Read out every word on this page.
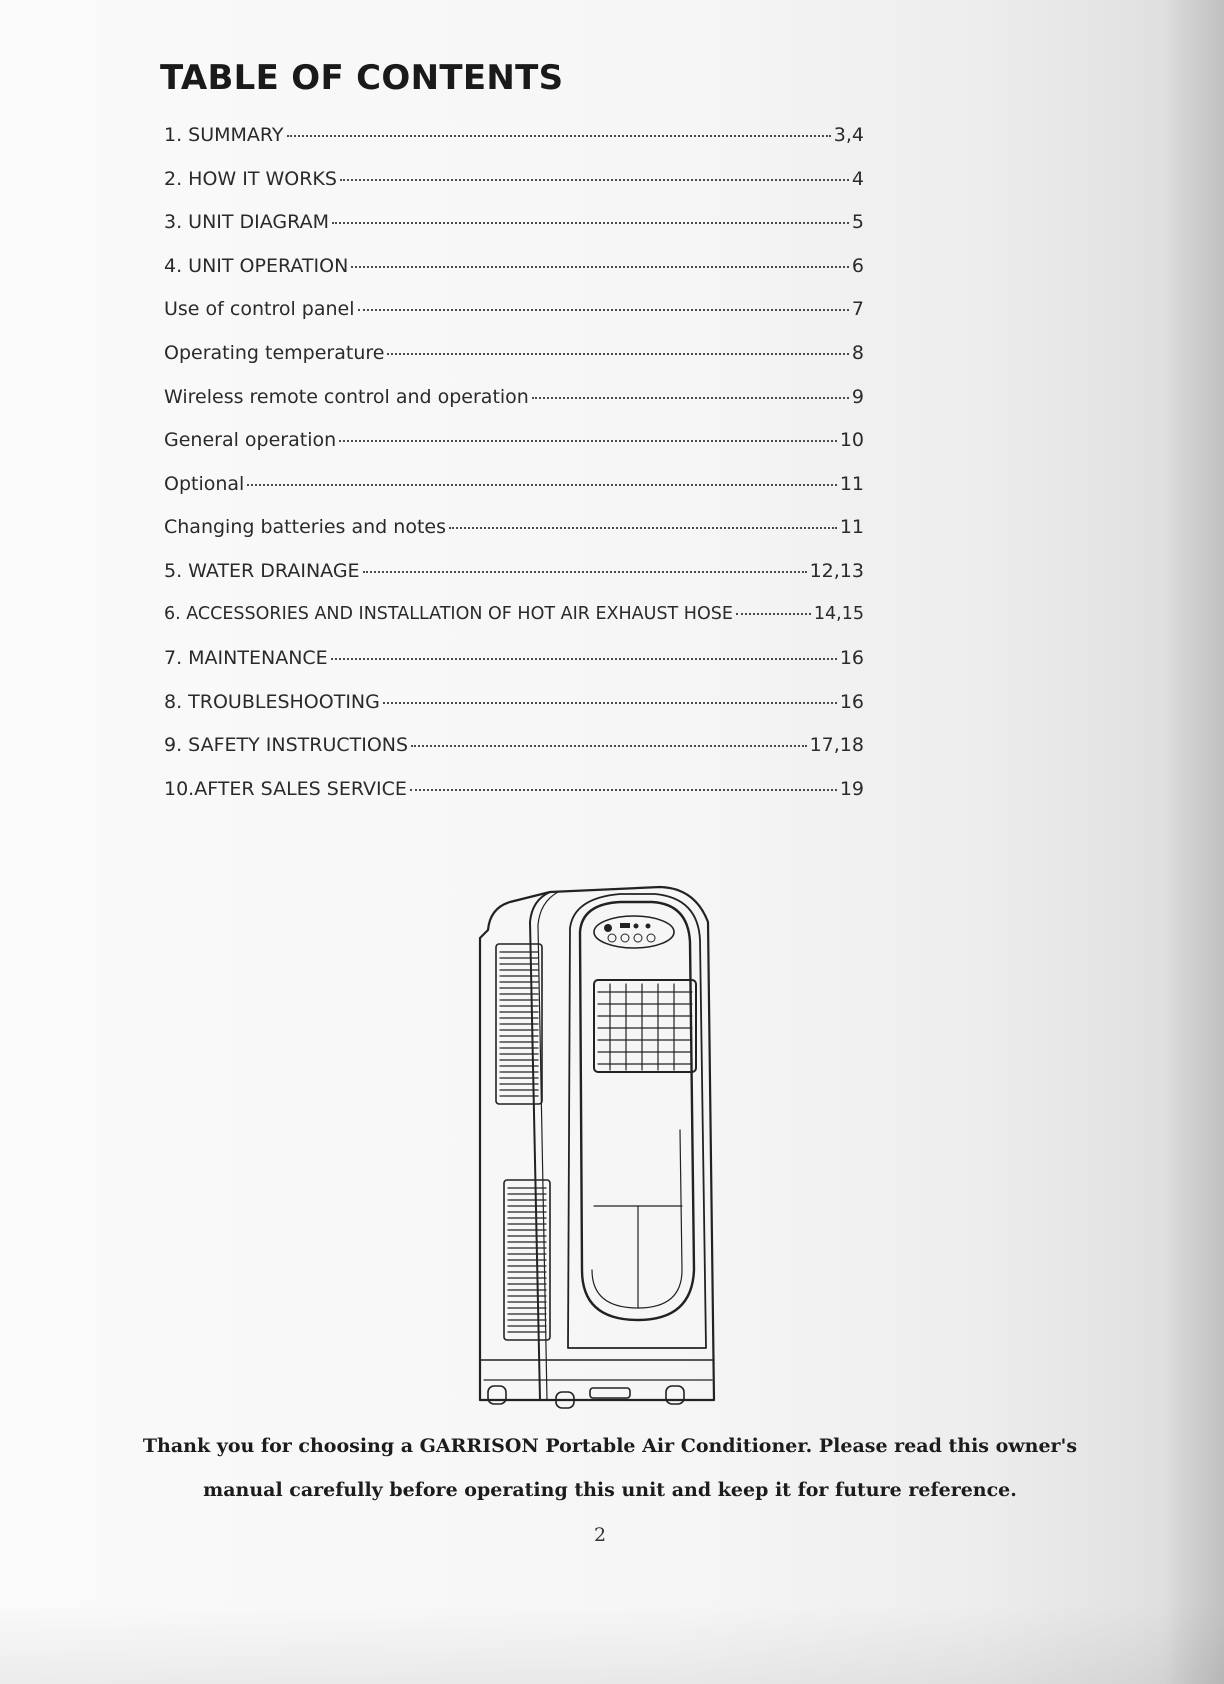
TABLE OF CONTENTS
1. SUMMARY	3,4
2. HOW IT WORKS	4
3. UNIT DIAGRAM	5
4. UNIT OPERATION	6
Use of control panel	7
Operating temperature	8
Wireless remote control and operation	9
General operation	10
Optional	11
Changing batteries and notes	11
5. WATER DRAINAGE	12,13
6. ACCESSORIES AND INSTALLATION OF HOT AIR EXHAUST HOSE	14,15
7. MAINTENANCE	16
8. TROUBLESHOOTING	16
9. SAFETY INSTRUCTIONS	17,18
10.AFTER SALES SERVICE	19

Thank you for choosing a GARRISON Portable Air Conditioner. Please read this owner's
manual carefully before operating this unit and keep it for future reference.

2
